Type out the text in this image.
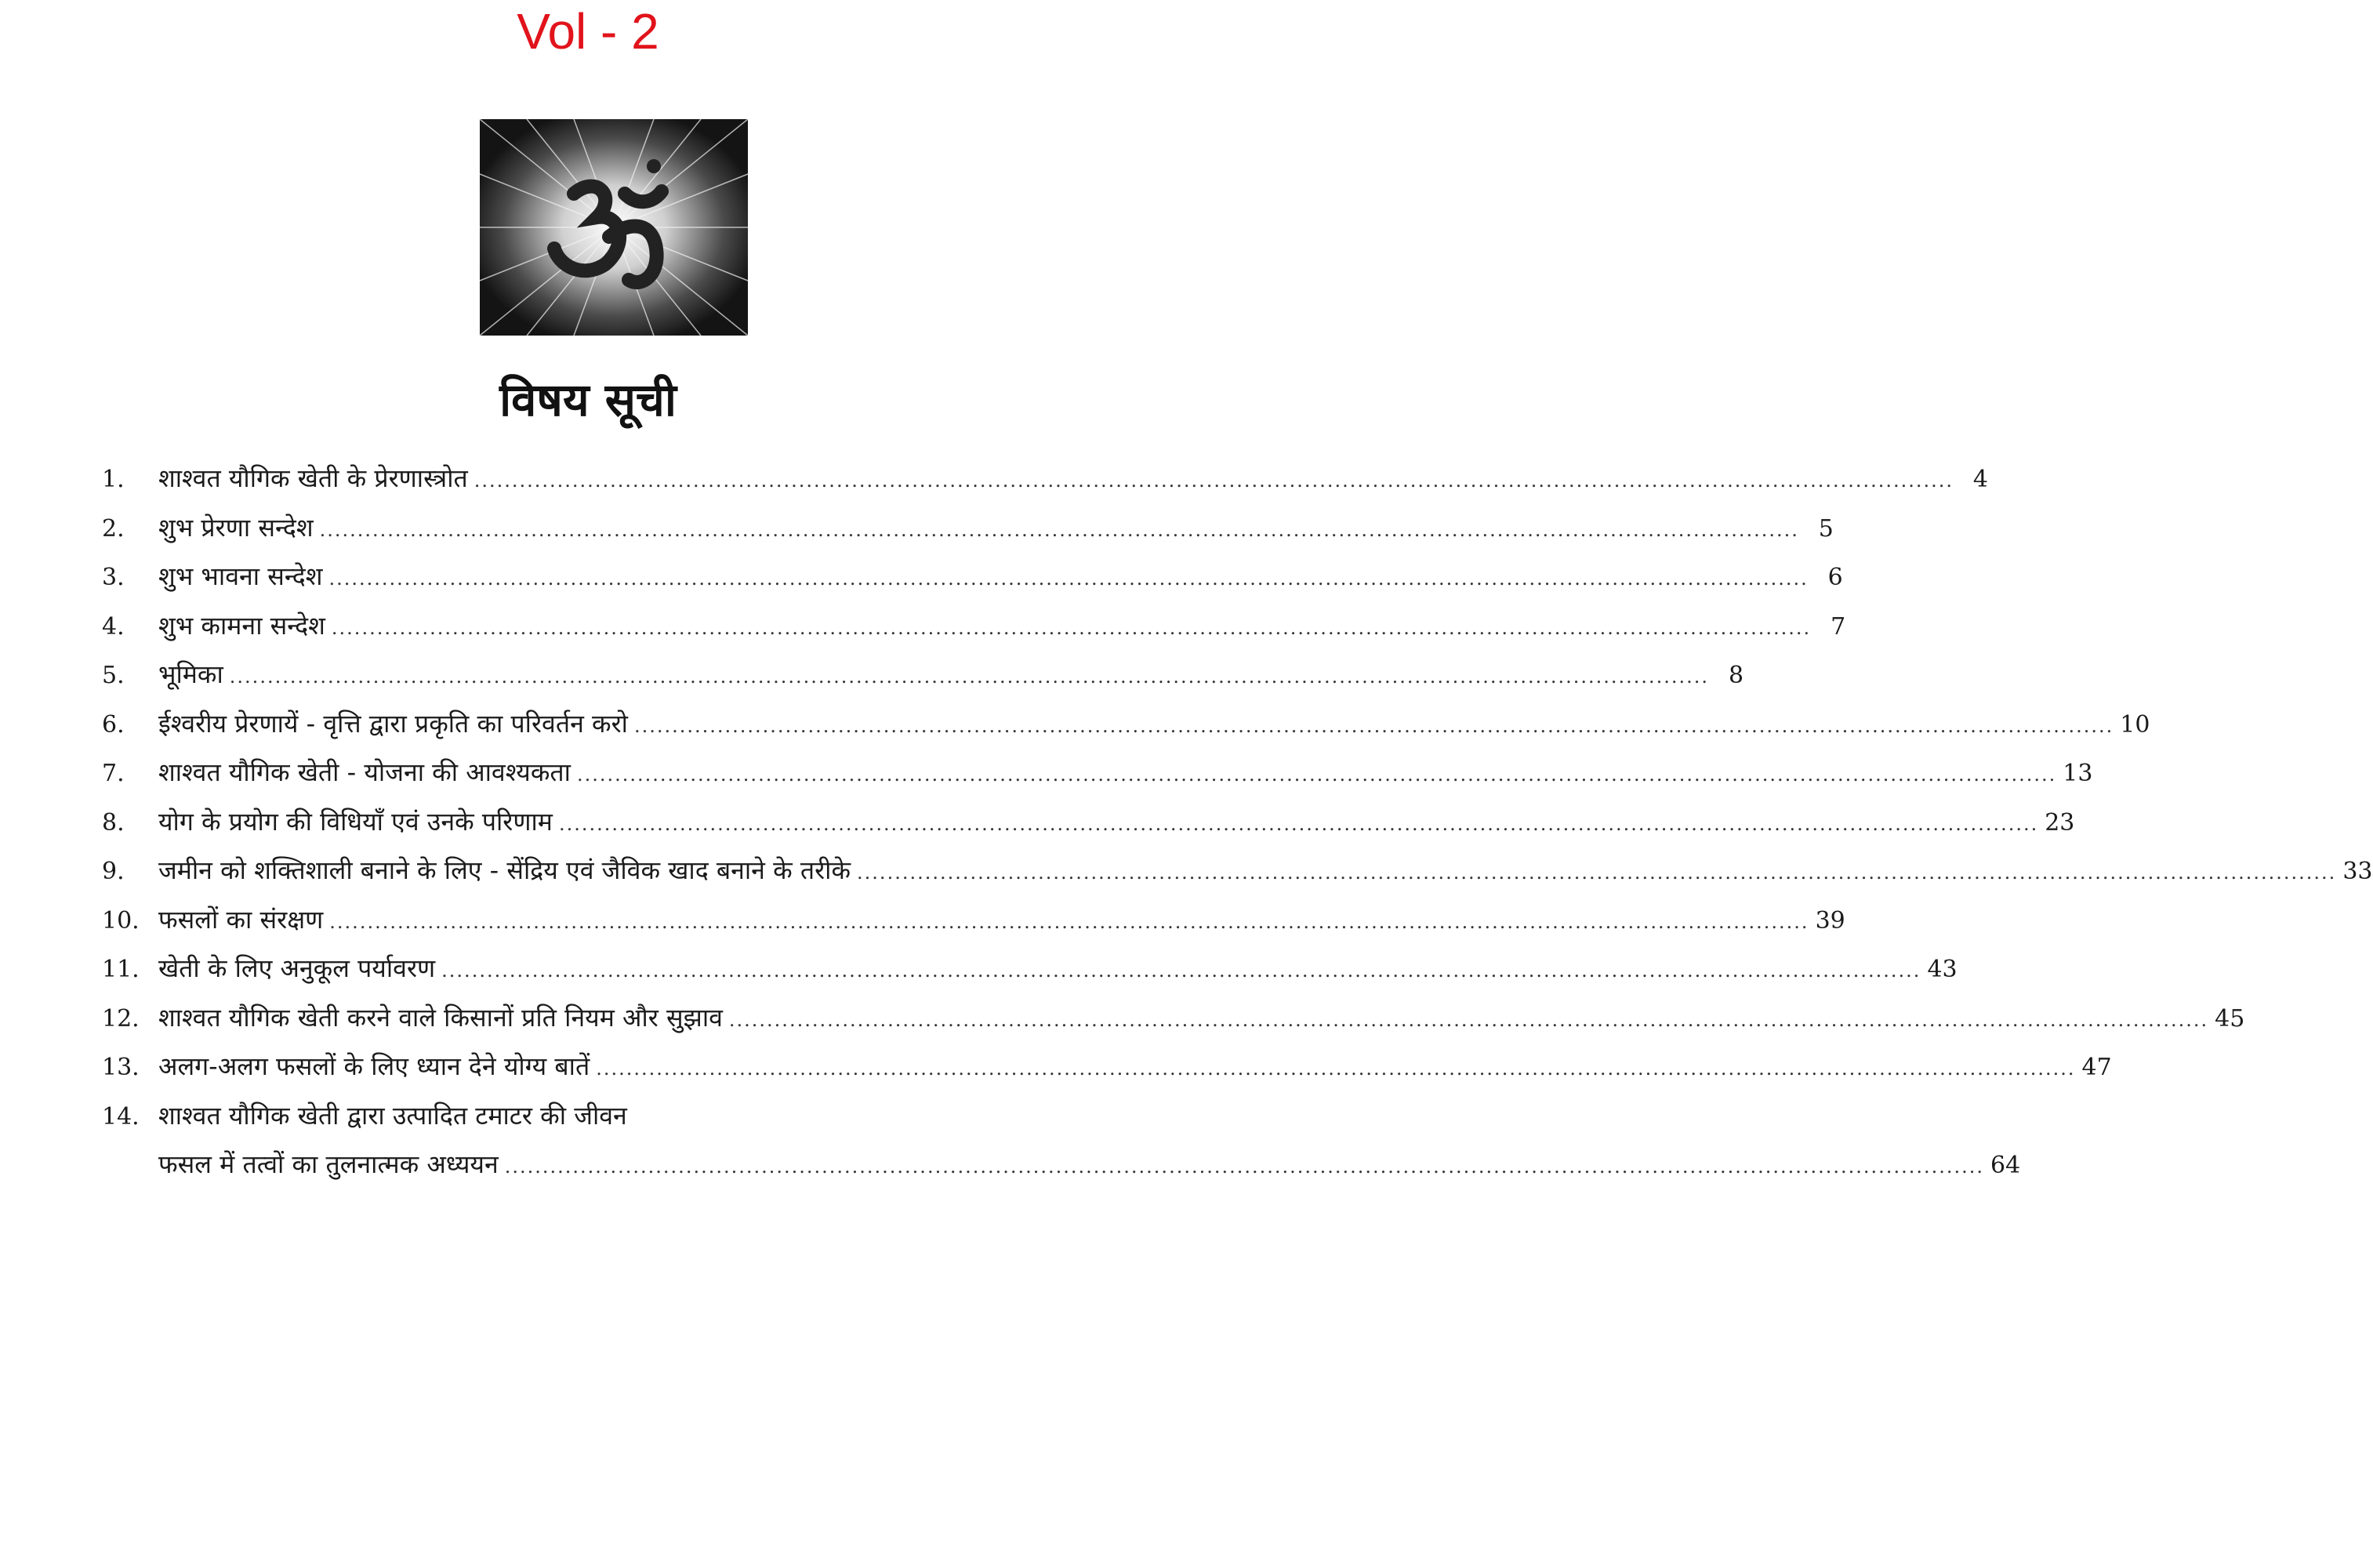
Vol - 2
विषय सूची
1.	शाश्वत यौगिक खेती के प्रेरणास्त्रोत .....	4
2.	शुभ प्रेरणा सन्देश .....	5
3.	शुभ भावना सन्देश .....	6
4.	शुभ कामना सन्देश .....	7
5.	भूमिका .....	8
6.	ईश्वरीय प्रेरणायें - वृत्ति द्वारा प्रकृति का परिवर्तन करो .....	10
7.	शाश्वत यौगिक खेती - योजना की आवश्यकता .....	13
8.	योग के प्रयोग की विधियाँ एवं उनके परिणाम .....	23
9.	जमीन को शक्तिशाली बनाने के लिए - सेंद्रिय एवं जैविक खाद बनाने के तरीके .....	33
10. फसलों का संरक्षण .....	39
11. खेती के लिए अनुकूल पर्यावरण .....	43
12. शाश्वत यौगिक खेती करने वाले किसानों प्रति नियम और सुझाव .....	45
13. अलग-अलग फसलों के लिए ध्यान देने योग्य बातें .....	47
14. शाश्वत यौगिक खेती द्वारा उत्पादित टमाटर की जीवन
फसल में तत्वों का तुलनात्मक अध्ययन .....	64
